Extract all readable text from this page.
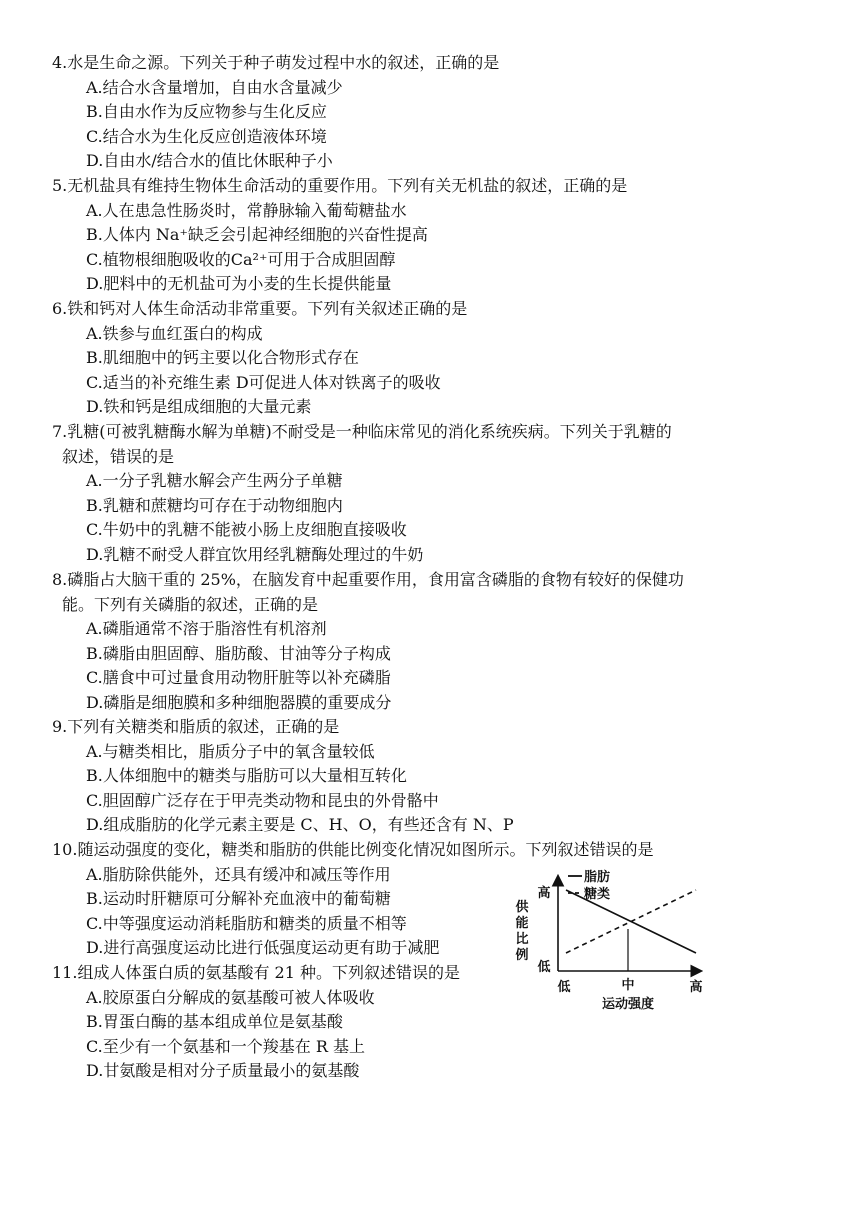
4.水是生命之源。下列关于种子萌发过程中水的叙述，正确的是
A.结合水含量增加，自由水含量减少
B.自由水作为反应物参与生化反应
C.结合水为生化反应创造液体环境
D.自由水/结合水的值比休眠种子小
5.无机盐具有维持生物体生命活动的重要作用。下列有关无机盐的叙述，正确的是
A.人在患急性肠炎时，常静脉输入葡萄糖盐水
B.人体内 Na⁺缺乏会引起神经细胞的兴奋性提高
C.植物根细胞吸收的Ca²⁺可用于合成胆固醇
D.肥料中的无机盐可为小麦的生长提供能量
6.铁和钙对人体生命活动非常重要。下列有关叙述正确的是
A.铁参与血红蛋白的构成
B.肌细胞中的钙主要以化合物形式存在
C.适当的补充维生素 D可促进人体对铁离子的吸收
D.铁和钙是组成细胞的大量元素
7.乳糖(可被乳糖酶水解为单糖)不耐受是一种临床常见的消化系统疾病。下列关于乳糖的
叙述，错误的是
A.一分子乳糖水解会产生两分子单糖
B.乳糖和蔗糖均可存在于动物细胞内
C.牛奶中的乳糖不能被小肠上皮细胞直接吸收
D.乳糖不耐受人群宜饮用经乳糖酶处理过的牛奶
8.磷脂占大脑干重的 25%，在脑发育中起重要作用，食用富含磷脂的食物有较好的保健功
能。下列有关磷脂的叙述，正确的是
A.磷脂通常不溶于脂溶性有机溶剂
B.磷脂由胆固醇、脂肪酸、甘油等分子构成
C.膳食中可过量食用动物肝脏等以补充磷脂
D.磷脂是细胞膜和多种细胞器膜的重要成分
9.下列有关糖类和脂质的叙述，正确的是
A.与糖类相比，脂质分子中的氧含量较低
B.人体细胞中的糖类与脂肪可以大量相互转化
C.胆固醇广泛存在于甲壳类动物和昆虫的外骨骼中
D.组成脂肪的化学元素主要是 C、H、O，有些还含有 N、P
10.随运动强度的变化，糖类和脂肪的供能比例变化情况如图所示。下列叙述错误的是
A.脂肪除供能外，还具有缓冲和减压等作用
B.运动时肝糖原可分解补充血液中的葡萄糖
C.中等强度运动消耗脂肪和糖类的质量不相等
D.进行高强度运动比进行低强度运动更有助于减肥
11.组成人体蛋白质的氨基酸有 21 种。下列叙述错误的是
A.胶原蛋白分解成的氨基酸可被人体吸收
B.胃蛋白酶的基本组成单位是氨基酸
C.至少有一个氨基和一个羧基在 R 基上
D.甘氨酸是相对分子质量最小的氨基酸
高
低
供
能
比
例
低	中	高
运动强度
脂肪
糖类
